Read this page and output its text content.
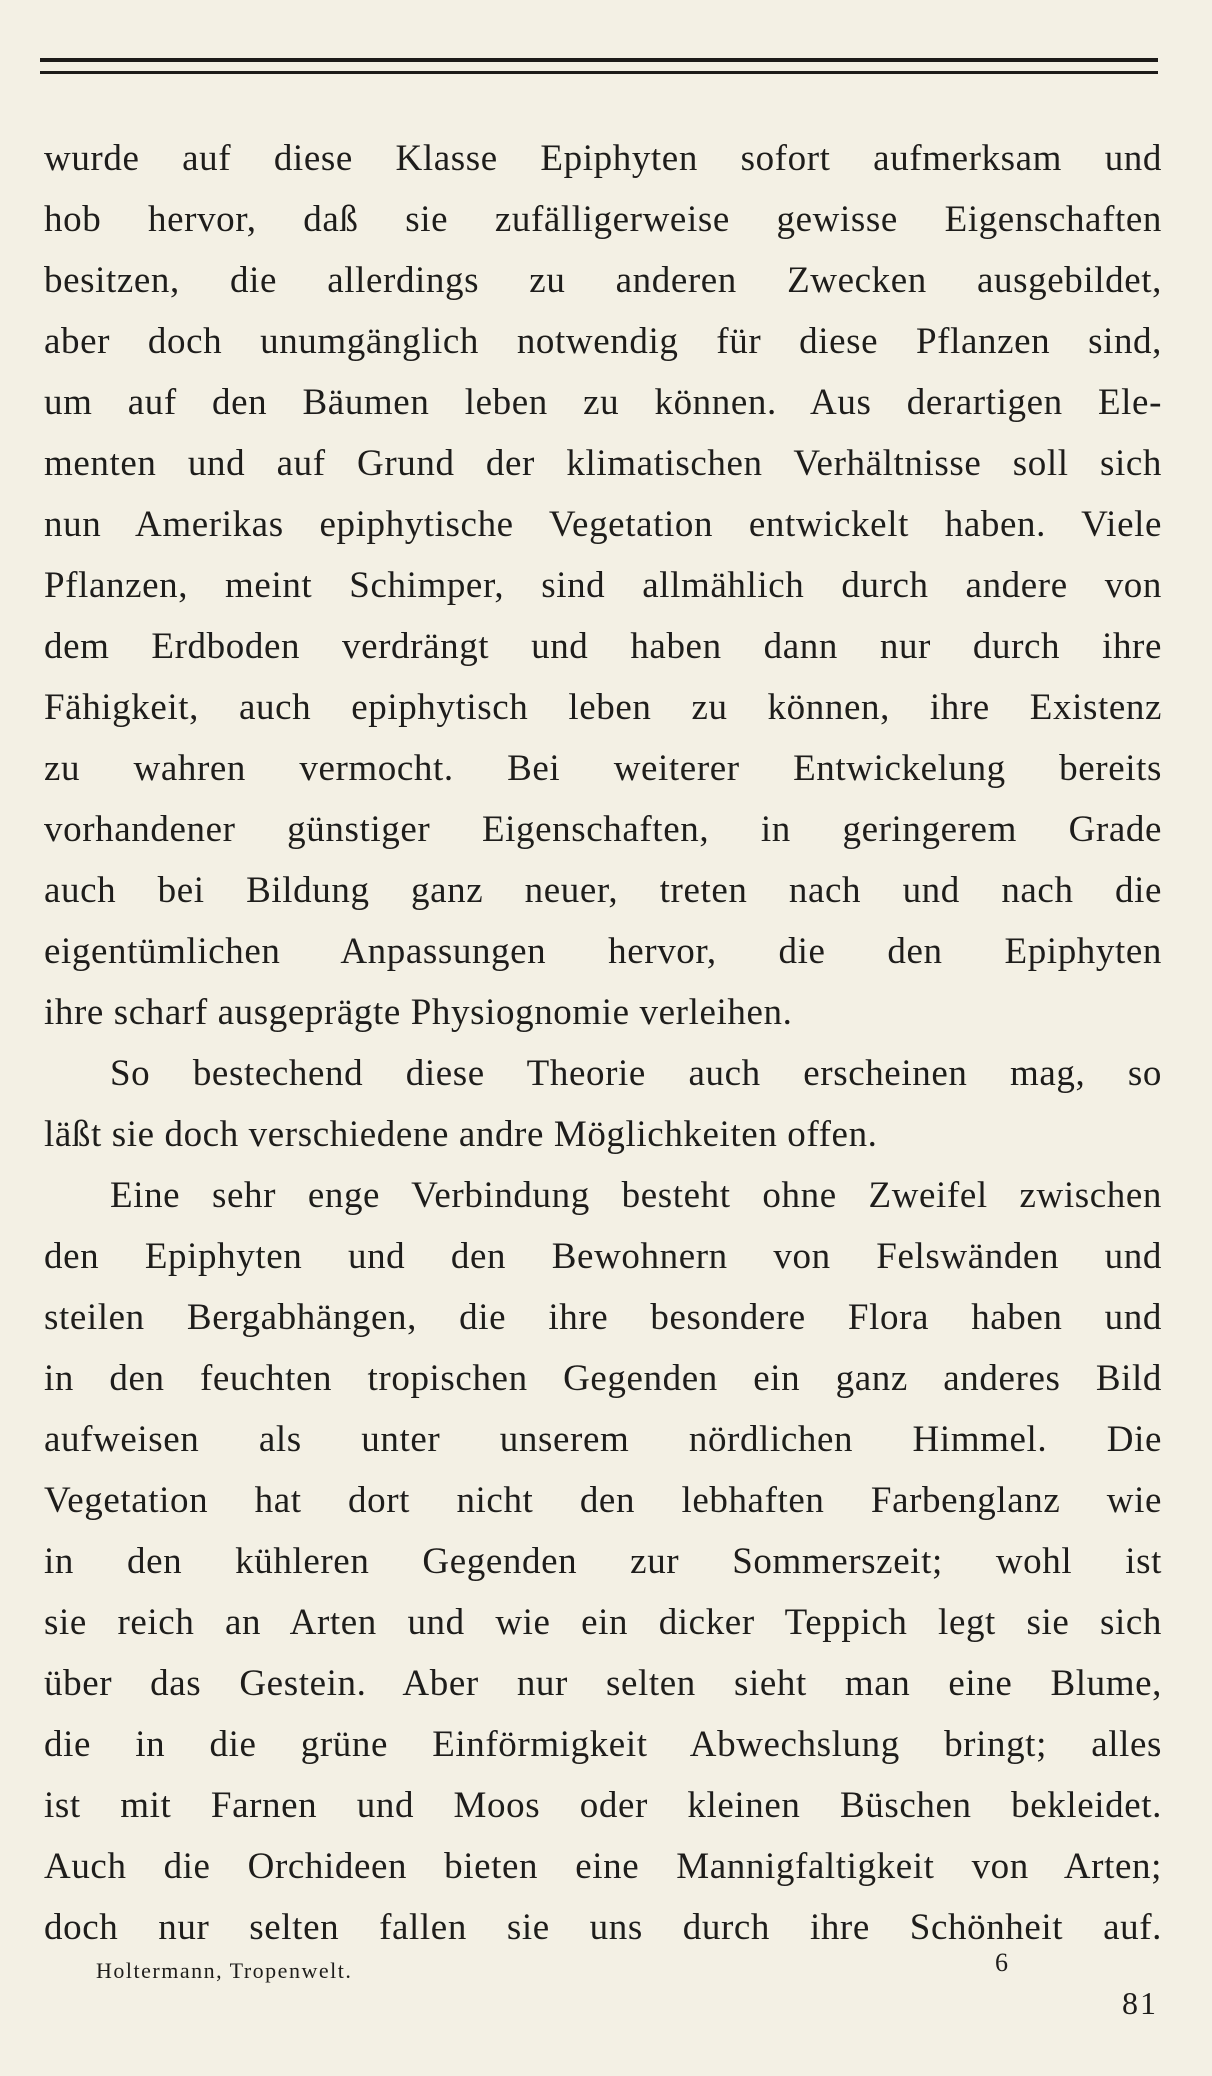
wurde auf diese Klasse Epiphyten sofort aufmerksam und
hob hervor, daß sie zufälligerweise gewisse Eigenschaften
besitzen, die allerdings zu anderen Zwecken ausgebildet,
aber doch unumgänglich notwendig für diese Pflanzen sind,
um auf den Bäumen leben zu können. Aus derartigen Ele-
menten und auf Grund der klimatischen Verhältnisse soll sich
nun Amerikas epiphytische Vegetation entwickelt haben. Viele
Pflanzen, meint Schimper, sind allmählich durch andere von
dem Erdboden verdrängt und haben dann nur durch ihre
Fähigkeit, auch epiphytisch leben zu können, ihre Existenz
zu wahren vermocht. Bei weiterer Entwickelung bereits
vorhandener günstiger Eigenschaften, in geringerem Grade
auch bei Bildung ganz neuer, treten nach und nach die
eigentümlichen Anpassungen hervor, die den Epiphyten
ihre scharf ausgeprägte Physiognomie verleihen.
So bestechend diese Theorie auch erscheinen mag, so
läßt sie doch verschiedene andre Möglichkeiten offen.
Eine sehr enge Verbindung besteht ohne Zweifel zwischen
den Epiphyten und den Bewohnern von Felswänden und
steilen Bergabhängen, die ihre besondere Flora haben und
in den feuchten tropischen Gegenden ein ganz anderes Bild
aufweisen als unter unserem nördlichen Himmel. Die
Vegetation hat dort nicht den lebhaften Farbenglanz wie
in den kühleren Gegenden zur Sommerszeit; wohl ist
sie reich an Arten und wie ein dicker Teppich legt sie sich
über das Gestein. Aber nur selten sieht man eine Blume,
die in die grüne Einförmigkeit Abwechslung bringt; alles
ist mit Farnen und Moos oder kleinen Büschen bekleidet.
Auch die Orchideen bieten eine Mannigfaltigkeit von Arten;
doch nur selten fallen sie uns durch ihre Schönheit auf.
Holtermann, Tropenwelt.	6
81
